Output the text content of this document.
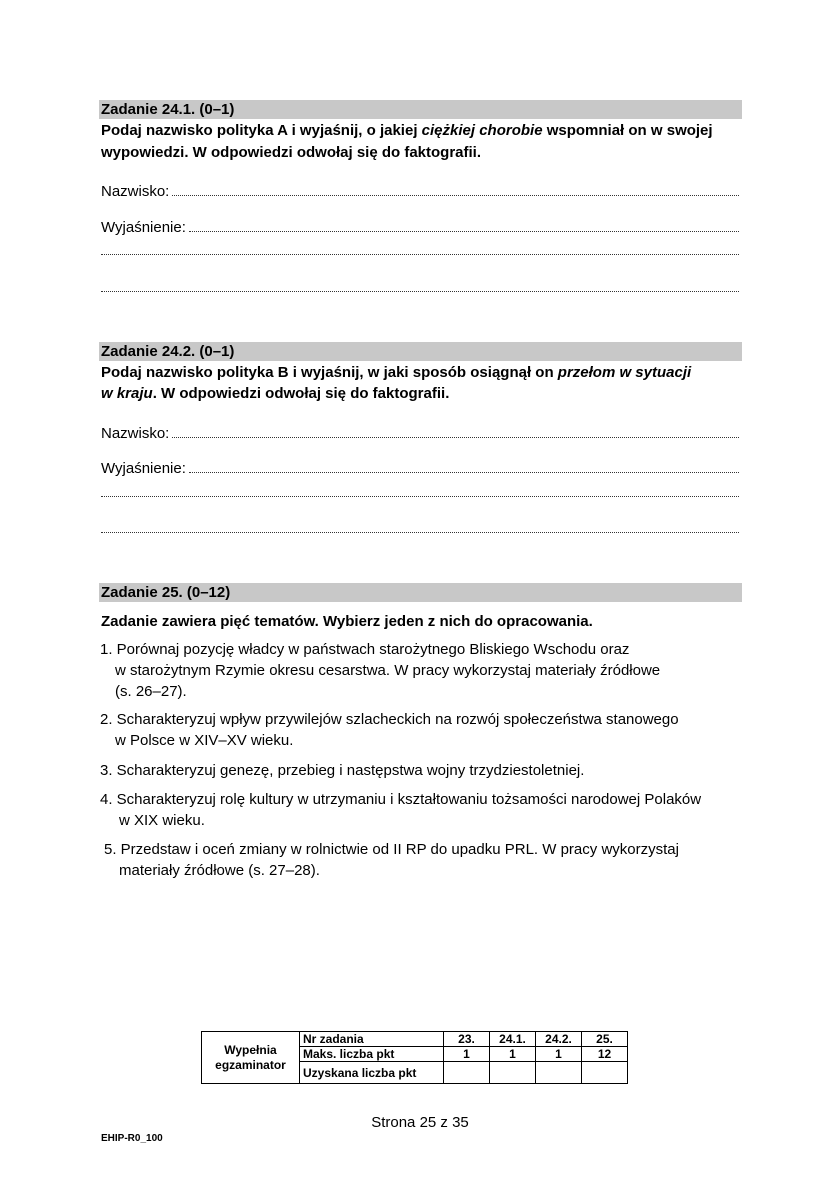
Zadanie 24.1. (0–1)
Podaj nazwisko polityka A i wyjaśnij, o jakiej ciężkiej chorobie wspomniał on w swojej
wypowiedzi. W odpowiedzi odwołaj się do faktografii.
Nazwisko:
Wyjaśnienie:
Zadanie 24.2. (0–1)
Podaj nazwisko polityka B i wyjaśnij, w jaki sposób osiągnął on przełom w sytuacji
w kraju. W odpowiedzi odwołaj się do faktografii.
Nazwisko:
Wyjaśnienie:
Zadanie 25. (0–12)
Zadanie zawiera pięć tematów. Wybierz jeden z nich do opracowania.
1. Porównaj pozycję władcy w państwach starożytnego Bliskiego Wschodu oraz
w starożytnym Rzymie okresu cesarstwa. W pracy wykorzystaj materiały źródłowe
(s. 26–27).
2. Scharakteryzuj wpływ przywilejów szlacheckich na rozwój społeczeństwa stanowego
w Polsce w XIV–XV wieku.
3. Scharakteryzuj genezę, przebieg i następstwa wojny trzydziestoletniej.
4. Scharakteryzuj rolę kultury w utrzymaniu i kształtowaniu tożsamości narodowej Polaków
w XIX wieku.
5. Przedstaw i oceń zmiany w rolnictwie od II RP do upadku PRL. W pracy wykorzystaj
materiały źródłowe (s. 27–28).
Wypełnia
egzaminator	Nr zadania	23.	24.1.	24.2.	25.
	Maks. liczba pkt	1	1	1	12
	Uzyskana liczba pkt				
Strona 25 z 35
EHIP-R0_100
